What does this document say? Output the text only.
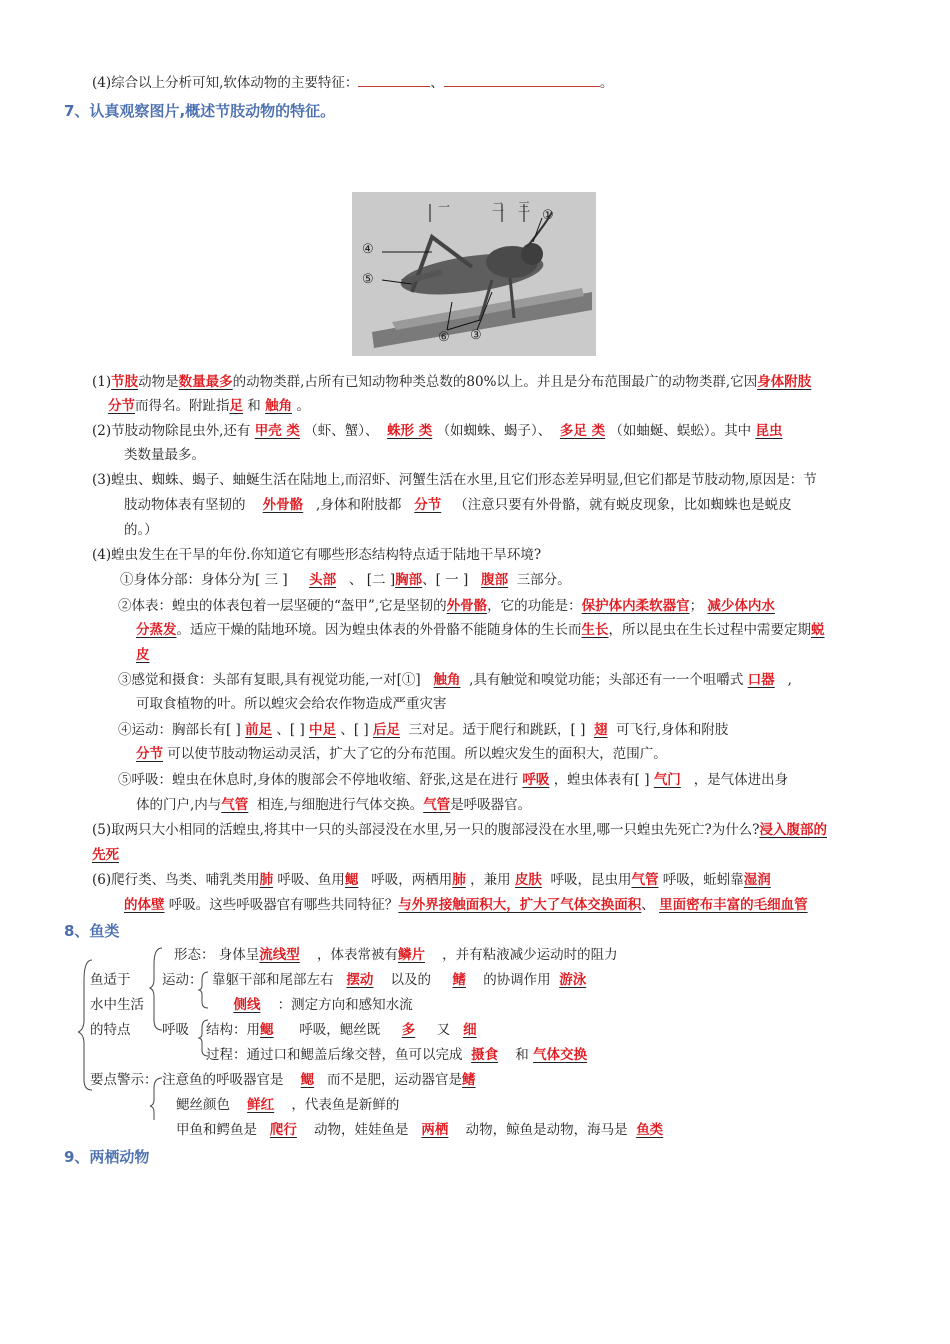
(4)综合以上分析可知,软体动物的主要特征：	、	。
7、认真观察图片,概述节肢动物的特征。
一	二 三
①
④
⑤
⑥ ③
(1)节肢动物是数量最多的动物类群,占所有已知动物种类总数的80%以上。并且是分布范围最广的动物类群,它因身体附肢
分节而得名。附趾指足 和 触角 。
(2)节肢动物除昆虫外,还有 甲壳 类 （虾、蟹）、 蛛形 类 （如蜘蛛、蝎子）、 多足 类 （如蚰蜒、蜈蚣）。其中 昆虫
类数量最多。
(3)蝗虫、蜘蛛、蝎子、蚰蜒生活在陆地上,而沼虾、河蟹生活在水里,且它们形态差异明显,但它们都是节肢动物,原因是：节
肢动物体表有坚韧的 外骨骼 ,身体和附肢都 分节 （注意只要有外骨骼，就有蜕皮现象，比如蜘蛛也是蜕皮
的。）
(4)蝗虫发生在干旱的年份.你知道它有哪些形态结构特点适于陆地干旱环境?
①身体分部：身体分为[ 三 ] 头部 、 [二 ]胸部、[ 一 ] 腹部 三部分。
②体表：蝗虫的体表包着一层坚硬的“盔甲”,它是坚韧的外骨骼，它的功能是：保护体内柔软器官； 减少体内水
分蒸发。适应干燥的陆地环境。因为蝗虫体表的外骨骼不能随身体的生长而生长，所以昆虫在生长过程中需要定期蜕
皮
③感觉和摄食：头部有复眼,具有视觉功能,一对[①] 触角 ,具有触觉和嗅觉功能；头部还有一一个咀嚼式 口器 ,
可取食植物的叶。所以蝗灾会给农作物造成严重灾害
④运动：胸部长有[ ] 前足 、[ ] 中足 、[ ] 后足 三对足。适于爬行和跳跃，[ ] 翅 可飞行,身体和附肢
分节 可以使节肢动物运动灵活，扩大了它的分布范围。所以蝗灾发生的面积大，范围广。
⑤呼吸：蝗虫在休息时,身体的腹部会不停地收缩、舒张,这是在进行 呼吸 ，蝗虫体表有[ ] 气门 ，是气体进出身
体的门户,内与气管 相连,与细胞进行气体交换。气管是呼吸器官。
(5)取两只大小相同的活蝗虫,将其中一只的头部浸没在水里,另一只的腹部浸没在水里,哪一只蝗虫先死亡?为什么?浸入腹部的
先死
(6)爬行类、鸟类、哺乳类用肺 呼吸、鱼用鳃 呼吸，两栖用肺 ，兼用 皮肤 呼吸，昆虫用气管 呼吸，蚯蚓靠湿润
的体壁 呼吸。这些呼吸器官有哪些共同特征？与外界接触面积大，扩大了气体交换面积、 里面密布丰富的毛细血管
8、鱼类
鱼适于
水中生活
的特点
形态： 身体呈流线型 ，体表常被有鳞片 ，并有粘液减少运动时的阻力
运动： 靠躯干部和尾部左右 摆动 以及的 鳍 的协调作用 游泳
侧线 ：测定方向和感知水流
呼吸 结构：用鳃 呼吸，鳃丝既 多 又 细
过程：通过口和鳃盖后缘交替，鱼可以完成 摄食 和 气体交换
要点警示： 注意鱼的呼吸器官是 鳃 而不是肥，运动器官是鳍
鳃丝颜色 鲜红 ，代表鱼是新鲜的
甲鱼和鳄鱼是 爬行 动物，娃娃鱼是 两栖 动物，鲸鱼是动物，海马是 鱼类
9、两栖动物
